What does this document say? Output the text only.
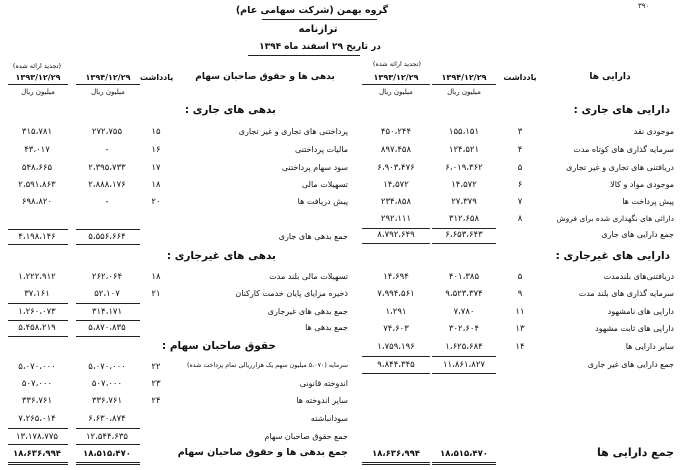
۳۹۰
گروه بهمن (شرکت سهامی عام)
ترازنامه
در تاریخ ۲۹ اسفند ماه ۱۳۹۴
(تجدید ارائه شده)
۱۳۹۳/۱۲/۲۹	۱۳۹۴/۱۲/۲۹	یادداشت	بدهی ها و حقوق صاحبان سهام
میلیون ریال	میلیون ریال
(تجدید ارائه شده)
۱۳۹۳/۱۲/۲۹	۱۳۹۴/۱۲/۲۹	یادداشت	دارایی ها
میلیون ریال	میلیون ریال
بدهی های جاری :
۳۱۵،۷۸۱	۲۷۲،۷۵۵	۱۵	پرداختنی های تجاری و غیر تجاری
۴۳،۰۱۷	-	۱۶	مالیات پرداختنی
۵۴۸،۶۶۵	۲،۳۹۵،۷۳۳	۱۷	سود سهام پرداختنی
۲،۵۹۱،۸۶۳	۲،۸۸۸،۱۷۶	۱۸	تسهیلات مالی
۶۹۸،۸۲۰	-	۲۰	پیش دریافت ها
۴،۱۹۸،۱۴۶	۵،۵۵۶،۶۶۴	جمع بدهی های جاری
بدهی های غیرجاری :
۱،۲۲۲،۹۱۲	۲۶۲،۰۶۴	۱۸	تسهیلات مالی بلند مدت
۳۷،۱۶۱	۵۲،۱۰۷	۲۱	ذخیره مزایای پایان خدمت کارکنان
۱،۲۶۰،۰۷۳	۳۱۴،۱۷۱	جمع بدهی های غیرجاری
۵،۴۵۸،۲۱۹	۵،۸۷۰،۸۳۵	جمع بدهی ها
حقوق صاحبان سهام :
۵،۰۷۰،۰۰۰	۵،۰۷۰،۰۰۰	۲۲	سرمایه (۵،۰۷۰ میلیون سهم یک هزارریالی تمام پرداخت شده)
۵۰۷،۰۰۰	۵۰۷،۰۰۰	۲۳	اندوخته قانونی
۳۳۶،۷۶۱	۳۳۶،۷۶۱	۲۴	سایر اندوخته ها
۷،۲۶۵،۰۱۴	۶،۶۳۰،۸۷۴	سودانباشته
۱۳،۱۷۸،۷۷۵	۱۲،۵۴۴،۶۳۵	جمع حقوق صاحبان سهام
۱۸،۶۳۶،۹۹۴	۱۸،۵۱۵،۴۷۰	جمع بدهی ها و حقوق صاحبان سهام
دارایی های جاری :
۴۵۰،۲۴۴	۱۵۵،۱۵۱	۳	موجودی نقد
۸۹۷،۴۵۸	۱۲۴،۵۲۱	۴	سرمایه گذاری های کوتاه مدت
۶،۹۰۳،۴۷۶	۶،۰۱۹،۳۶۲	۵	دریافتنی های تجاری و غیر تجاری
۱۴،۵۷۲	۱۴،۵۷۲	۶	موجودی مواد و کالا
۲۳۴،۸۵۸	۲۷،۳۷۹	۷	پیش پرداخت ها
۲۹۲،۱۱۱	۳۱۲،۶۵۸	۸	دارائی های نگهداری شده برای فروش
۸،۷۹۲،۶۴۹	۶،۶۵۳،۶۴۳	جمع دارایی های جاری
دارایی های غیرجاری :
۱۴،۶۹۴	۴۰۱،۳۸۵	۵	دریافتنی‌های بلندمدت
۷،۹۹۴،۵۶۱	۹،۵۲۳،۳۷۴	۹	سرمایه گذاری های بلند مدت
۱،۲۹۱	۷،۷۸۰	۱۱	دارایی های نامشهود
۷۴،۶۰۳	۳۰۲،۶۰۴	۱۳	دارایی های ثابت مشهود
۱،۷۵۹،۱۹۶	۱،۶۲۵،۶۸۴	۱۴	سایر دارایی ها
۹،۸۴۴،۳۴۵	۱۱،۸۶۱،۸۲۷	جمع دارایی های غیر جاری
۱۸،۶۳۶،۹۹۴	۱۸،۵۱۵،۴۷۰	جمع دارایی ها
